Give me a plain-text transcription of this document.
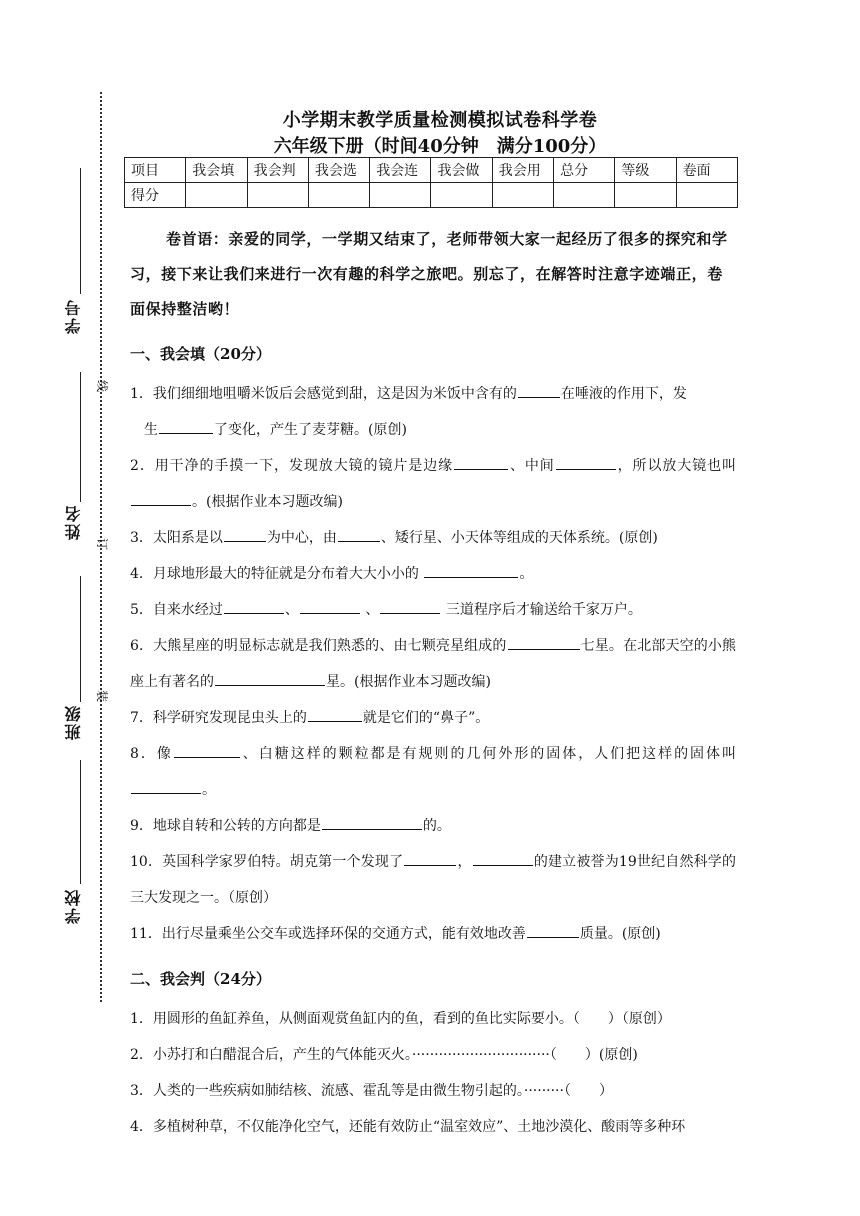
学号
姓名
班级
学校
线
订
装
小学期末教学质量检测模拟试卷科学卷
六年级下册（时间40分钟　满分100分）
项目	我会填	我会判	我会选	我会连	我会做	我会用	总分	等级	卷面
得分									

卷首语：亲爱的同学，一学期又结束了，老师带领大家一起经历了很多的探究和学习，接下来让我们来进行一次有趣的科学之旅吧。别忘了，在解答时注意字迹端正，卷面保持整洁哟！

一、我会填（20分）

1．我们细细地咀嚼米饭后会感觉到甜，这是因为米饭中含有的	在唾液的作用下，发
生	了变化，产生了麦芽糖。(原创)

2．用干净的手摸一下，发现放大镜的镜片是边缘	、中间	，所以放大镜也叫。(根据作业本习题改编)

3．太阳系是以	为中心，由	、矮行星、小天体等组成的天体系统。(原创)

4．月球地形最大的特征就是分布着大大小小的	。

5．自来水经过	、	、	三道程序后才输送给千家万户。

6．大熊星座的明显标志就是我们熟悉的、由七颗亮星组成的	七星。在北部天空的小熊座上有著名的	星。(根据作业本习题改编)

7．科学研究发现昆虫头上的	就是它们的“鼻子”。

8．像	、白糖这样的颗粒都是有规则的几何外形的固体，人们把这样的固体叫。

9．地球自转和公转的方向都是	的。

10．英国科学家罗伯特。胡克第一个发现了	，	的建立被誉为19世纪自然科学的三大发现之一。（原创）

11．出行尽量乘坐公交车或选择环保的交通方式，能有效地改善	质量。(原创)

二、我会判（24分）

1．用圆形的鱼缸养鱼，从侧面观赏鱼缸内的鱼，看到的鱼比实际要小。（　　）（原创）

2．小苏打和白醋混合后，产生的气体能灭火。·······························（　　）(原创)

3．人类的一些疾病如肺结核、流感、霍乱等是由微生物引起的。·········（　　）

4．多植树种草，不仅能净化空气，还能有效防止“温室效应”、土地沙漠化、酸雨等多种环
